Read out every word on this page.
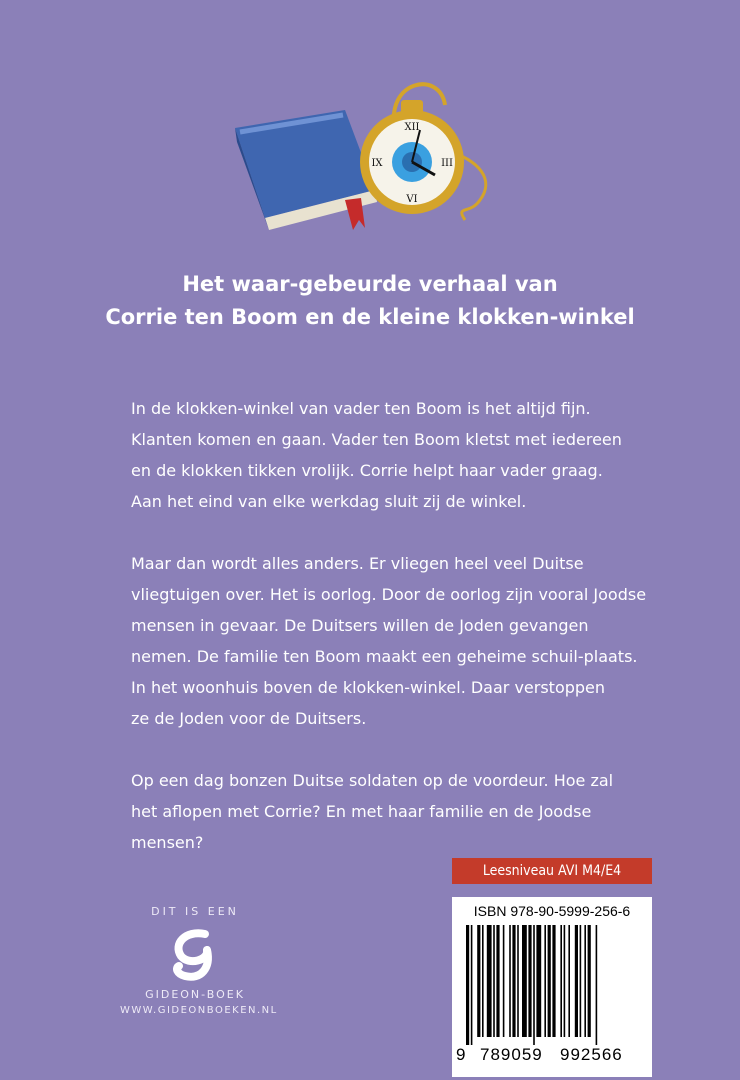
XII
III
VI
IX
Het waar-gebeurde verhaal van
Corrie ten Boom en de kleine klokken-winkel

In de klokken-winkel van vader ten Boom is het altijd fijn.
Klanten komen en gaan. Vader ten Boom kletst met iedereen
en de klokken tikken vrolijk. Corrie helpt haar vader graag.
Aan het eind van elke werkdag sluit zij de winkel.

Maar dan wordt alles anders. Er vliegen heel veel Duitse
vliegtuigen over. Het is oorlog. Door de oorlog zijn vooral Joodse
mensen in gevaar. De Duitsers willen de Joden gevangen
nemen. De familie ten Boom maakt een geheime schuil-plaats.
In het woonhuis boven de klokken-winkel. Daar verstoppen
ze de Joden voor de Duitsers.

Op een dag bonzen Duitse soldaten op de voordeur. Hoe zal
het aflopen met Corrie? En met haar familie en de Joodse
mensen?

Leesniveau AVI M4/E4
DIT IS EEN
GIDEON-BOEK
WWW.GIDEONBOEKEN.NL
ISBN 978-90-5999-256-6
9 789059 992566
